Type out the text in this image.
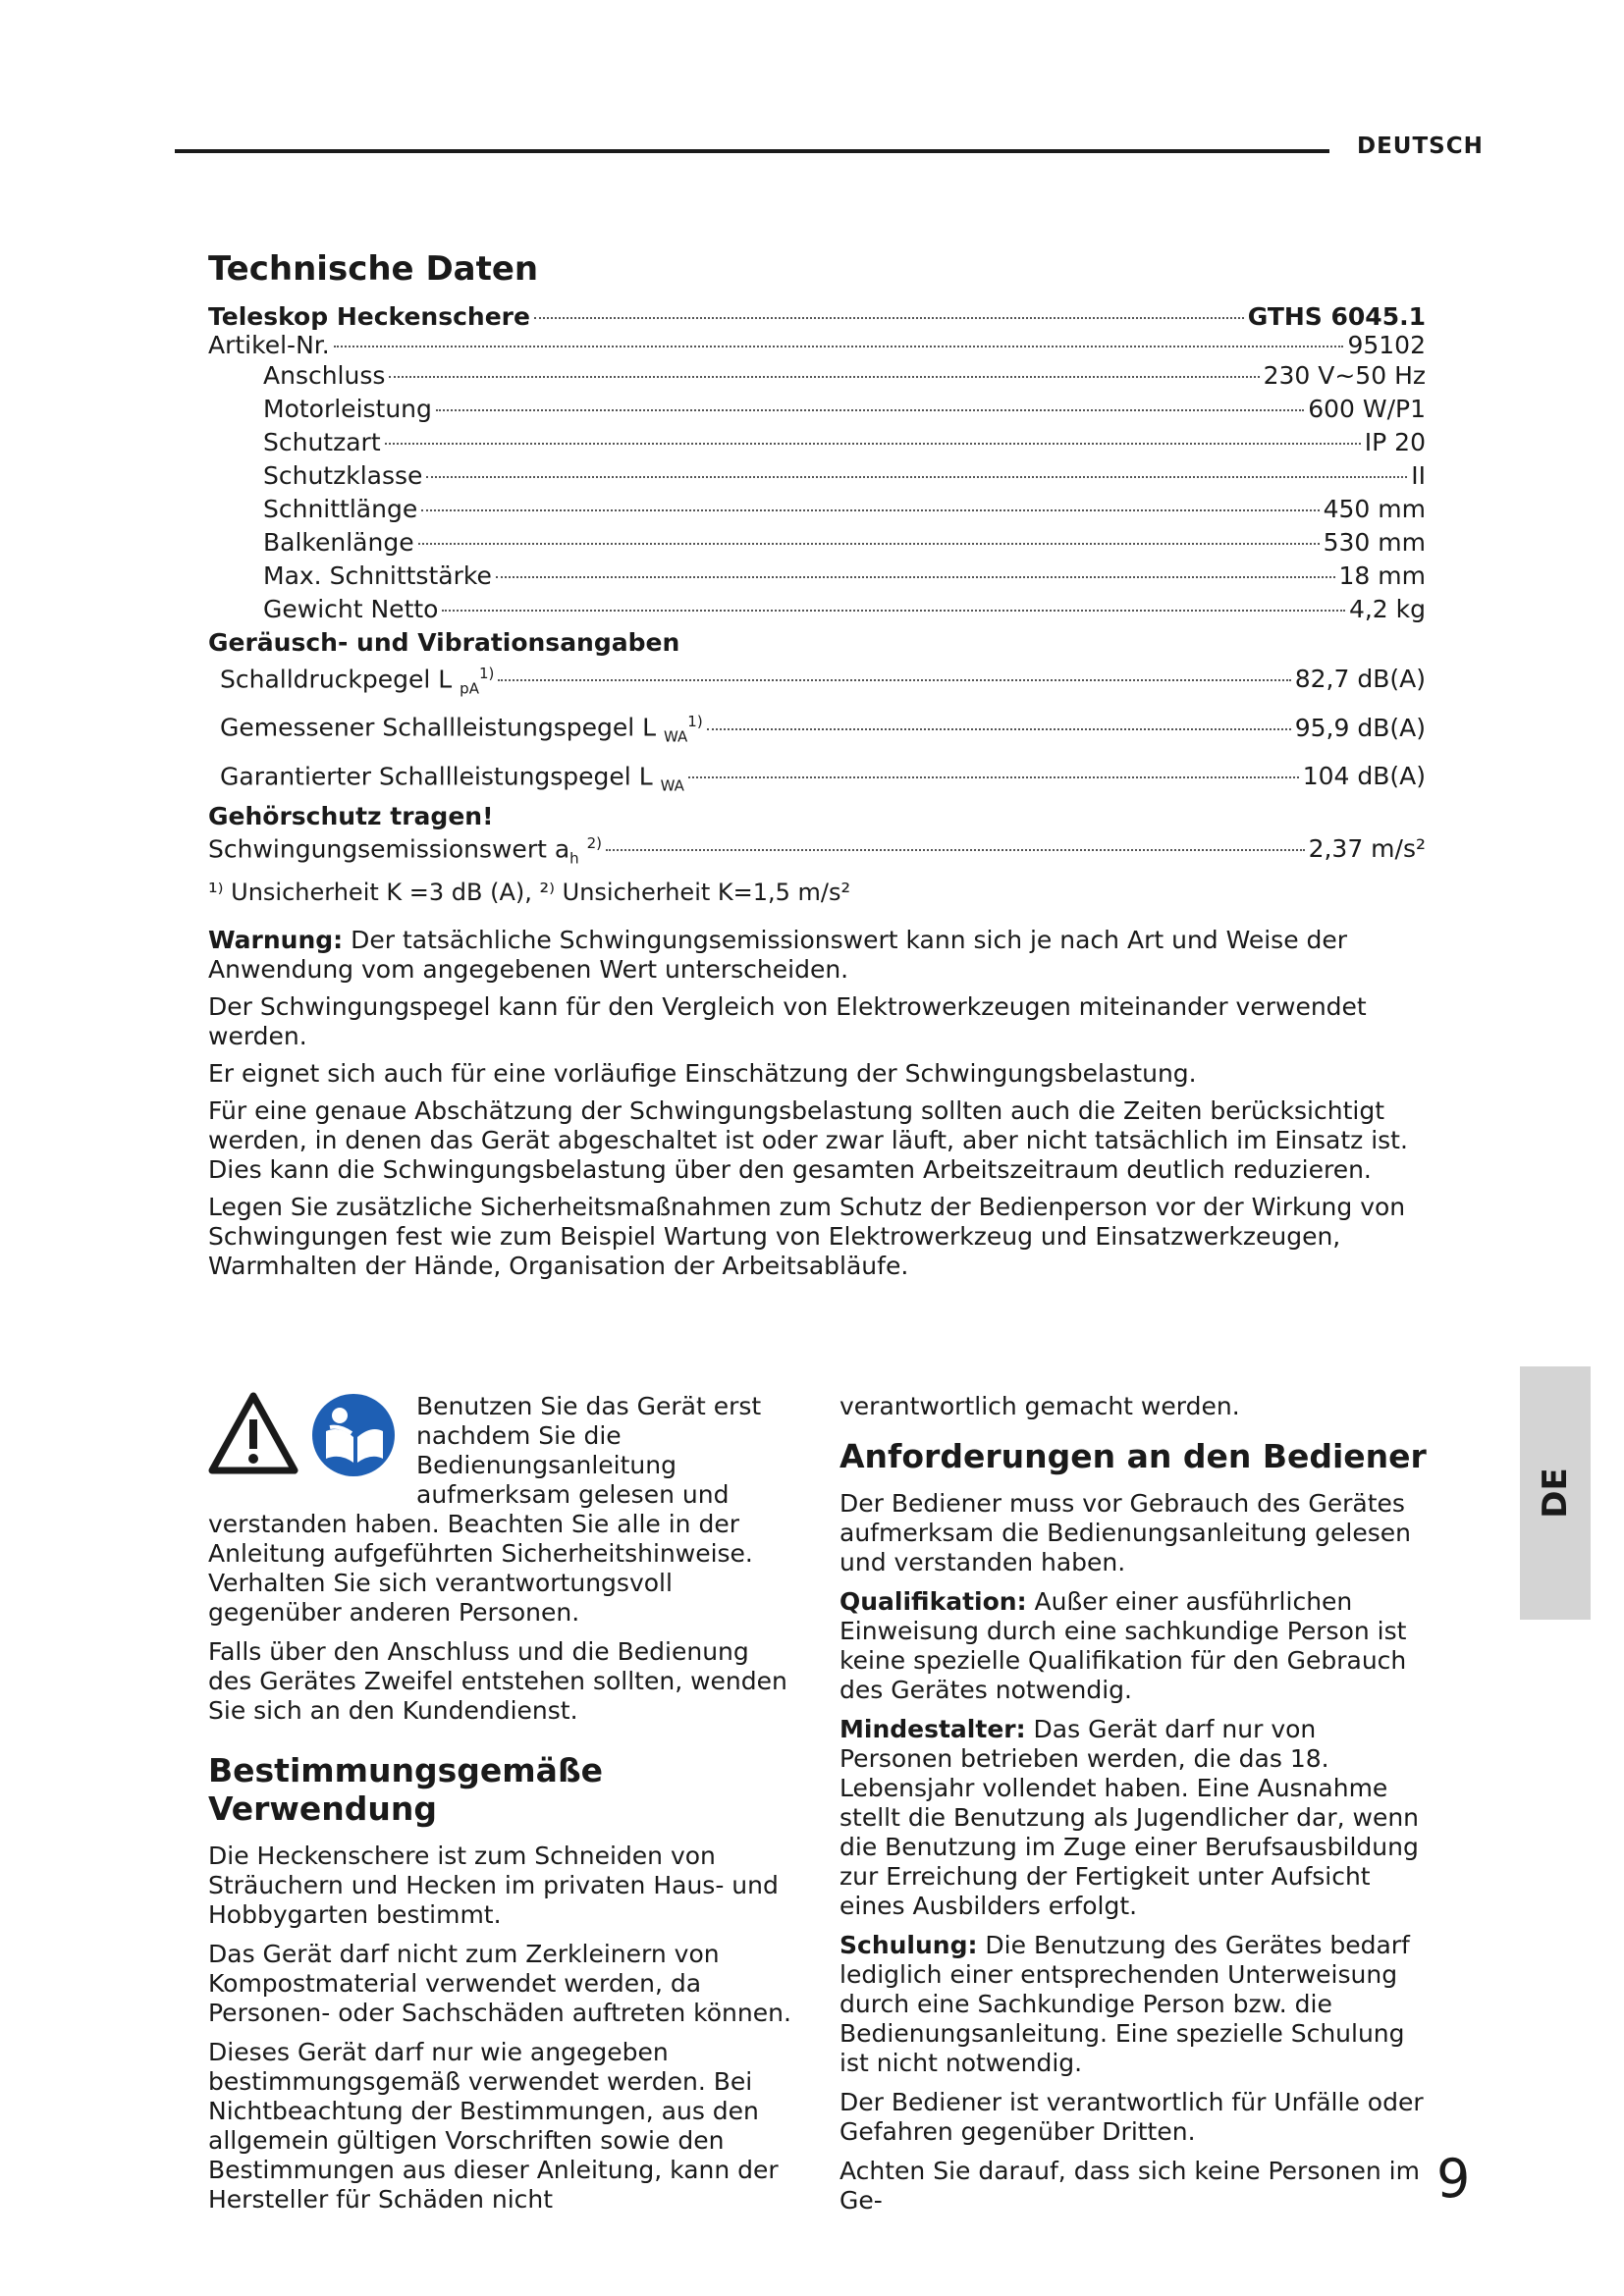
DEUTSCH
DE
Technische Daten
Teleskop Heckenschere	GTHS 6045.1
Artikel-Nr.	95102
Anschluss	230 V~50 Hz
Motorleistung	600 W/P1
Schutzart	IP 20
Schutzklasse	II
Schnittlänge	450 mm
Balkenlänge	530 mm
Max. Schnittstärke	18 mm
Gewicht Netto	4,2 kg
Geräusch- und Vibrationsangaben
Schalldruckpegel L $_{pA}^{1)}$	82,7 dB(A)
Gemessener Schallleistungspegel L $_{WA}^{1)}$	95,9 dB(A)
Garantierter Schallleistungspegel L $_{WA}$	104 dB(A)
Gehörschutz tragen!
Schwingungsemissionswert $a_h$ $^{2)}$	2,37 m/s²
¹⁾ Unsicherheit K =3 dB (A), ²⁾ Unsicherheit K=1,5 m/s²

Warnung: Der tatsächliche Schwingungsemissionswert kann sich je nach Art und Weise der Anwendung vom angegebenen Wert unterscheiden.

Der Schwingungspegel kann für den Vergleich von Elektrowerkzeugen miteinander verwendet werden.

Er eignet sich auch für eine vorläufige Einschätzung der Schwingungsbelastung.

Für eine genaue Abschätzung der Schwingungsbelastung sollten auch die Zeiten berücksichtigt werden, in denen das Gerät abgeschaltet ist oder zwar läuft, aber nicht tatsächlich im Einsatz ist. Dies kann die Schwingungsbelastung über den gesamten Arbeitszeitraum deutlich reduzieren.

Legen Sie zusätzliche Sicherheitsmaßnahmen zum Schutz der Bedienperson vor der Wirkung von Schwingungen fest wie zum Beispiel Wartung von Elektrowerkzeug und Einsatzwerkzeugen, Warmhalten der Hände, Organisation der Arbeitsabläufe.

Benutzen Sie das Gerät erst nachdem Sie die Bedienungsanleitung aufmerksam gelesen und verstanden haben. Beachten Sie alle in der Anleitung aufgeführten Sicherheitshinweise. Verhalten Sie sich verantwortungsvoll gegenüber anderen Personen.

Falls über den Anschluss und die Bedienung des Gerätes Zweifel entstehen sollten, wenden Sie sich an den Kundendienst.

Bestimmungsgemäße Verwendung

Die Heckenschere ist zum Schneiden von Sträuchern und Hecken im privaten Haus- und Hobbygarten bestimmt.

Das Gerät darf nicht zum Zerkleinern von Kompostmaterial verwendet werden, da Personen- oder Sachschäden auftreten können.

Dieses Gerät darf nur wie angegeben bestimmungsgemäß verwendet werden. Bei Nichtbeachtung der Bestimmungen, aus den allgemein gültigen Vorschriften sowie den Bestimmungen aus dieser Anleitung, kann der Hersteller für Schäden nicht

verantwortlich gemacht werden.

Anforderungen an den Bediener

Der Bediener muss vor Gebrauch des Gerätes aufmerksam die Bedienungsanleitung gelesen und verstanden haben.

Qualifikation: Außer einer ausführlichen Einweisung durch eine sachkundige Person ist keine spezielle Qualifikation für den Gebrauch des Gerätes notwendig.

Mindestalter: Das Gerät darf nur von Personen betrieben werden, die das 18. Lebensjahr vollendet haben. Eine Ausnahme stellt die Benutzung als Jugendlicher dar, wenn die Benutzung im Zuge einer Berufsausbildung zur Erreichung der Fertigkeit unter Aufsicht eines Ausbilders erfolgt.

Schulung: Die Benutzung des Gerätes bedarf lediglich einer entsprechenden Unterweisung durch eine Sachkundige Person bzw. die Bedienungsanleitung. Eine spezielle Schulung ist nicht notwendig.

Der Bediener ist verantwortlich für Unfälle oder Gefahren gegenüber Dritten.

Achten Sie darauf, dass sich keine Personen im Ge-	9
